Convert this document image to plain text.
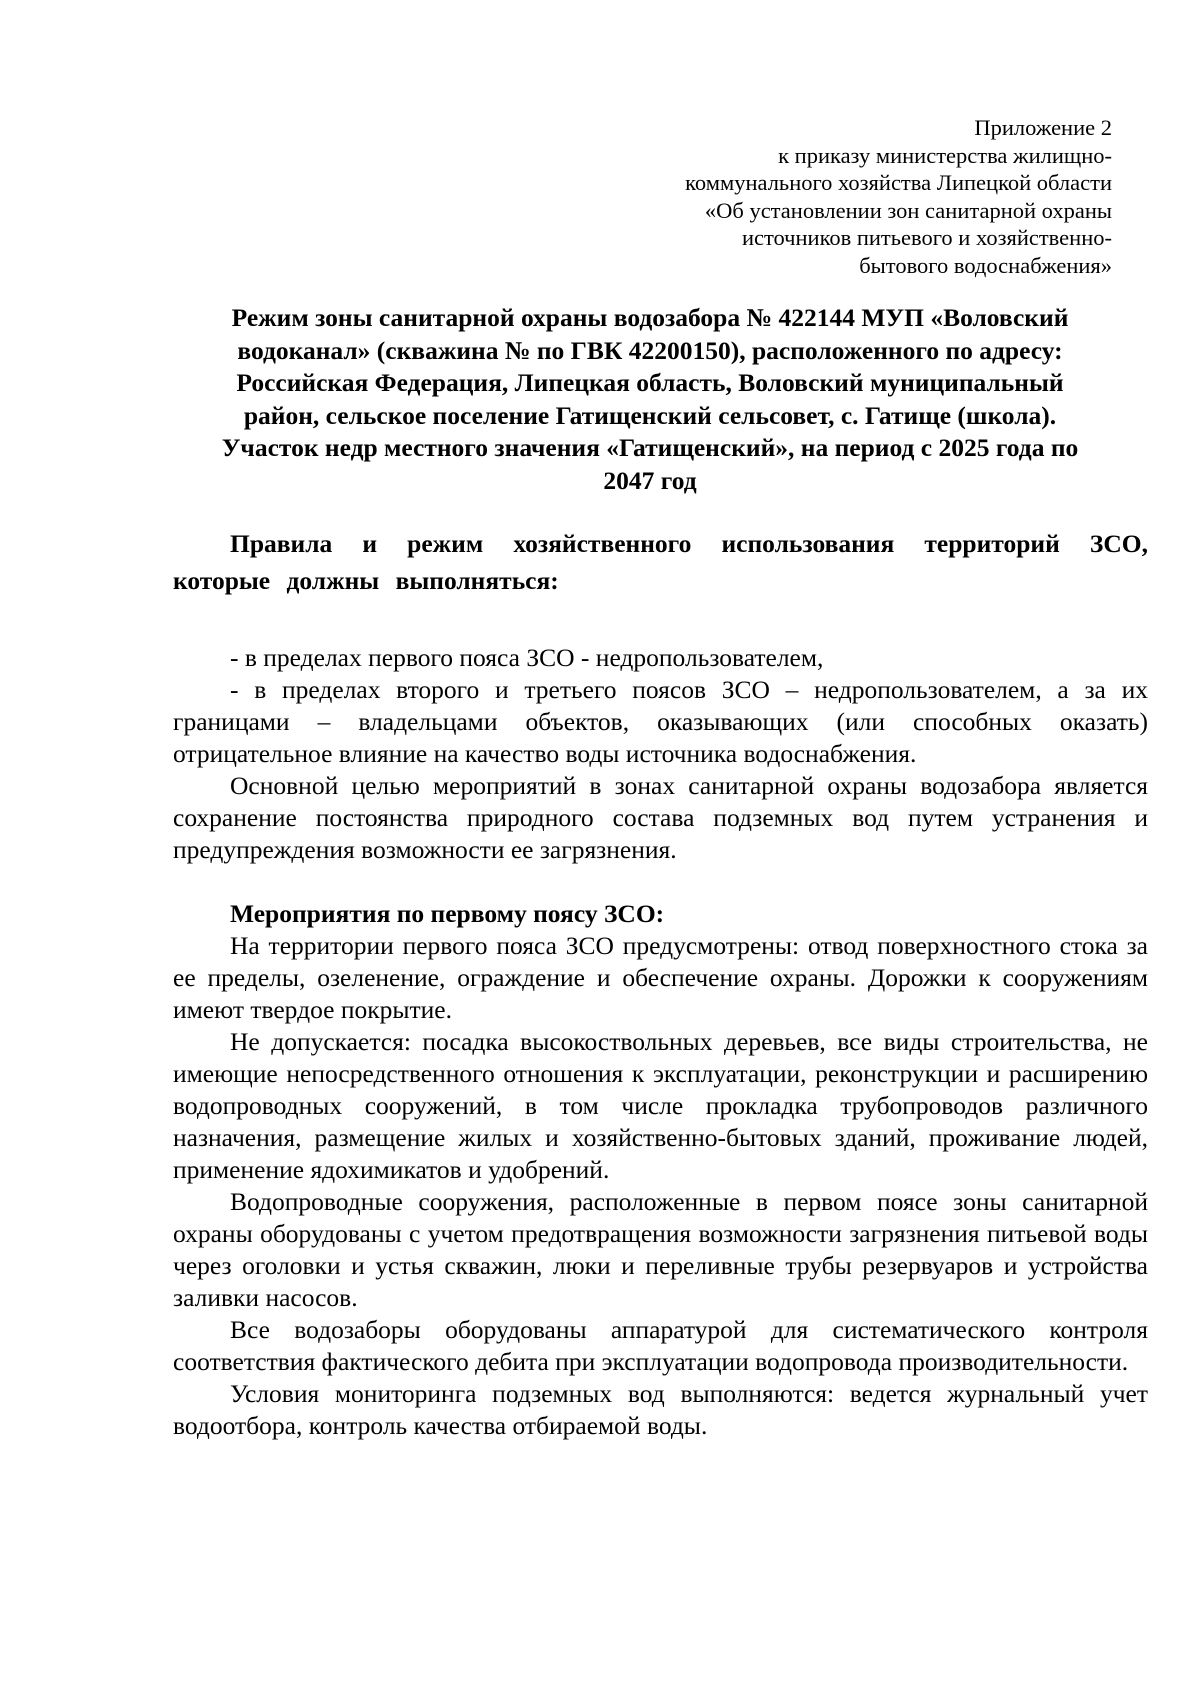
Приложение 2
к приказу министерства жилищно-
коммунального хозяйства Липецкой области
«Об установлении зон санитарной охраны
источников питьевого и хозяйственно-
бытового водоснабжения»
Режим зоны санитарной охраны водозабора № 422144 МУП «Воловский
водоканал» (скважина № по ГВК 42200150), расположенного по адресу:
Российская Федерация, Липецкая область, Воловский муниципальный
район, сельское поселение Гатищенский сельсовет, с. Гатище (школа).
Участок недр местного значения «Гатищенский», на период с 2025 года по
2047 год

Правила и режим хозяйственного использования территорий ЗСО, которые должны выполняться:

- в пределах первого пояса ЗСО - недропользователем,

- в пределах второго и третьего поясов ЗСО – недропользователем, а за их границами – владельцами объектов, оказывающих (или способных оказать) отрицательное влияние на качество воды источника водоснабжения.

Основной целью мероприятий в зонах санитарной охраны водозабора является сохранение постоянства природного состава подземных вод путем устранения и предупреждения возможности ее загрязнения.

Мероприятия по первому поясу ЗСО:

На территории первого пояса ЗСО предусмотрены: отвод поверхностного стока за ее пределы, озеленение, ограждение и обеспечение охраны. Дорожки к сооружениям имеют твердое покрытие.

Не допускается: посадка высокоствольных деревьев, все виды строительства, не имеющие непосредственного отношения к эксплуатации, реконструкции и расширению водопроводных сооружений, в том числе прокладка трубопроводов различного назначения, размещение жилых и хозяйственно-бытовых зданий, проживание людей, применение ядохимикатов и удобрений.

Водопроводные сооружения, расположенные в первом поясе зоны санитарной охраны оборудованы с учетом предотвращения возможности загрязнения питьевой воды через оголовки и устья скважин, люки и переливные трубы резервуаров и устройства заливки насосов.

Все водозаборы оборудованы аппаратурой для систематического контроля соответствия фактического дебита при эксплуатации водопровода производительности.

Условия мониторинга подземных вод выполняются: ведется журнальный учет водоотбора, контроль качества отбираемой воды.
